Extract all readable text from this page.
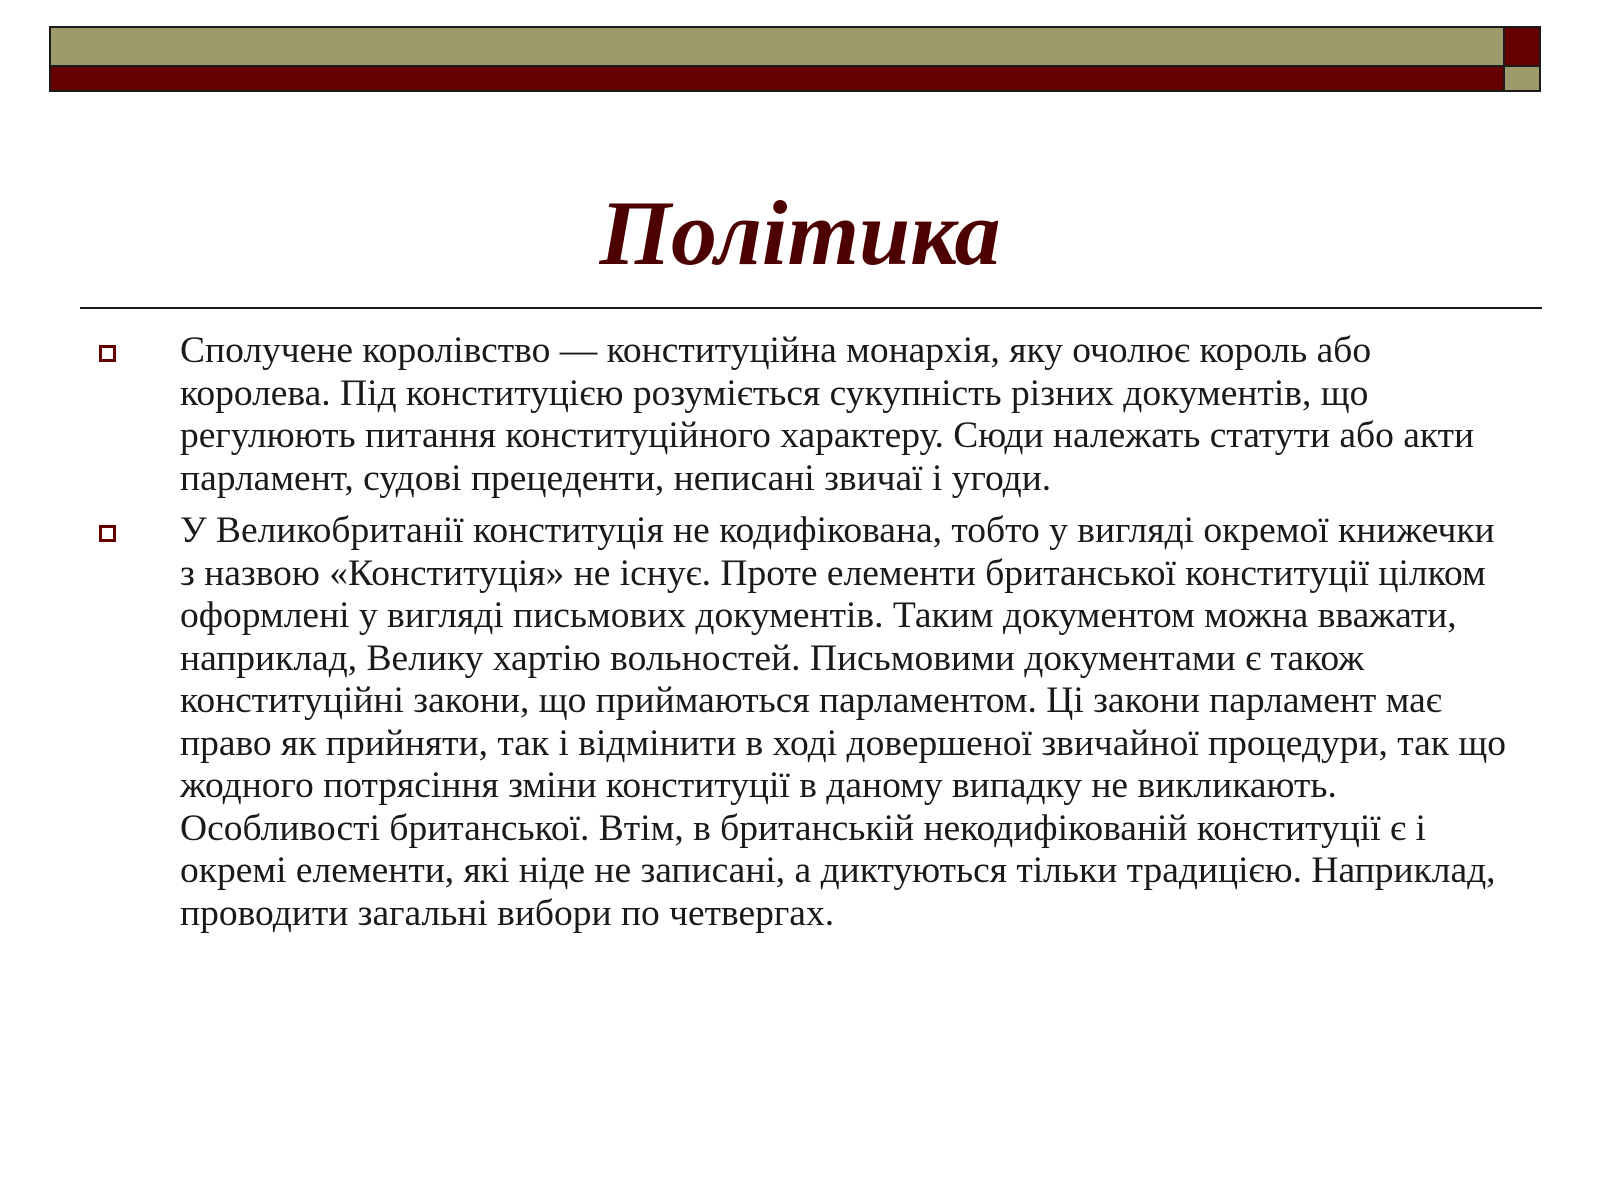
Політика
Сполучене королівство — конституційна монархія, яку очолює король або королева. Під конституцією розуміється сукупність різних документів, що регулюють питання конституційного характеру. Сюди належать статути або акти парламент, судові прецеденти, неписані звичаї і угоди.
У Великобританії конституція не кодифікована, тобто у вигляді окремої книжечки з назвою «Конституція» не існує. Проте елементи британської конституції цілком оформлені у вигляді письмових документів. Таким документом можна вважати, наприклад, Велику хартію вольностей. Письмовими документами є також конституційні закони, що приймаються парламентом. Ці закони парламент має право як прийняти, так і відмінити в ході довершеної звичайної процедури, так що жодного потрясіння зміни конституції в даному випадку не викликають. Особливості британської. Втім, в британській некодифікованій конституції є і окремі елементи, які ніде не записані, а диктуються тільки традицією. Наприклад, проводити загальні вибори по четвергах.
